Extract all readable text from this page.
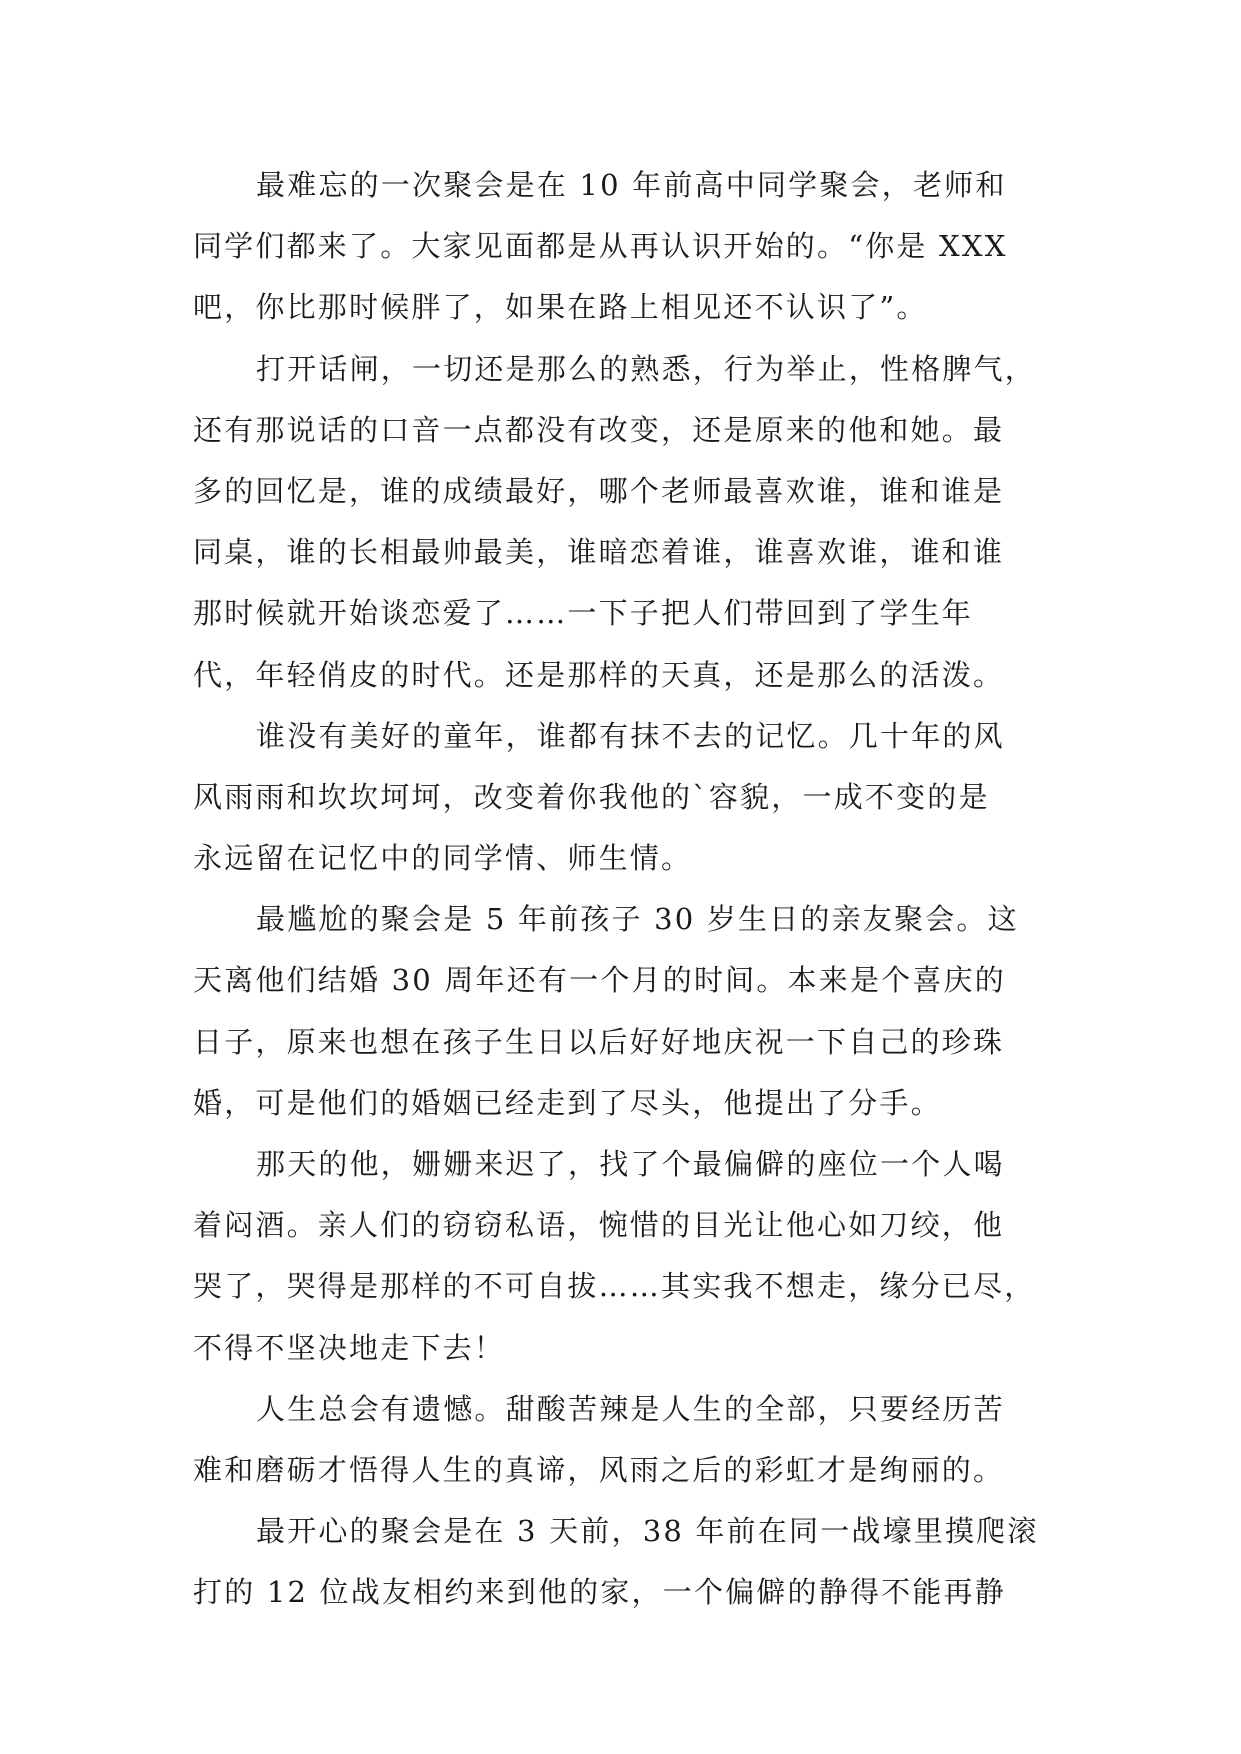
最难忘的一次聚会是在 10 年前高中同学聚会，老师和
同学们都来了。大家见面都是从再认识开始的。“你是 XXX
吧，你比那时候胖了，如果在路上相见还不认识了”。
打开话闸，一切还是那么的熟悉，行为举止，性格脾气，
还有那说话的口音一点都没有改变，还是原来的他和她。最
多的回忆是，谁的成绩最好，哪个老师最喜欢谁，谁和谁是
同桌，谁的长相最帅最美，谁暗恋着谁，谁喜欢谁，谁和谁
那时候就开始谈恋爱了……一下子把人们带回到了学生年
代，年轻俏皮的时代。还是那样的天真，还是那么的活泼。
谁没有美好的童年，谁都有抹不去的记忆。几十年的风
风雨雨和坎坎坷坷，改变着你我他的`容貌，一成不变的是
永远留在记忆中的同学情、师生情。
最尴尬的聚会是 5 年前孩子 30 岁生日的亲友聚会。这
天离他们结婚 30 周年还有一个月的时间。本来是个喜庆的
日子，原来也想在孩子生日以后好好地庆祝一下自己的珍珠
婚，可是他们的婚姻已经走到了尽头，他提出了分手。
那天的他，姗姗来迟了，找了个最偏僻的座位一个人喝
着闷酒。亲人们的窃窃私语，惋惜的目光让他心如刀绞，他
哭了，哭得是那样的不可自拔……其实我不想走，缘分已尽，
不得不坚决地走下去！
人生总会有遗憾。甜酸苦辣是人生的全部，只要经历苦
难和磨砺才悟得人生的真谛，风雨之后的彩虹才是绚丽的。
最开心的聚会是在 3 天前，38 年前在同一战壕里摸爬滚
打的 12 位战友相约来到他的家，一个偏僻的静得不能再静
